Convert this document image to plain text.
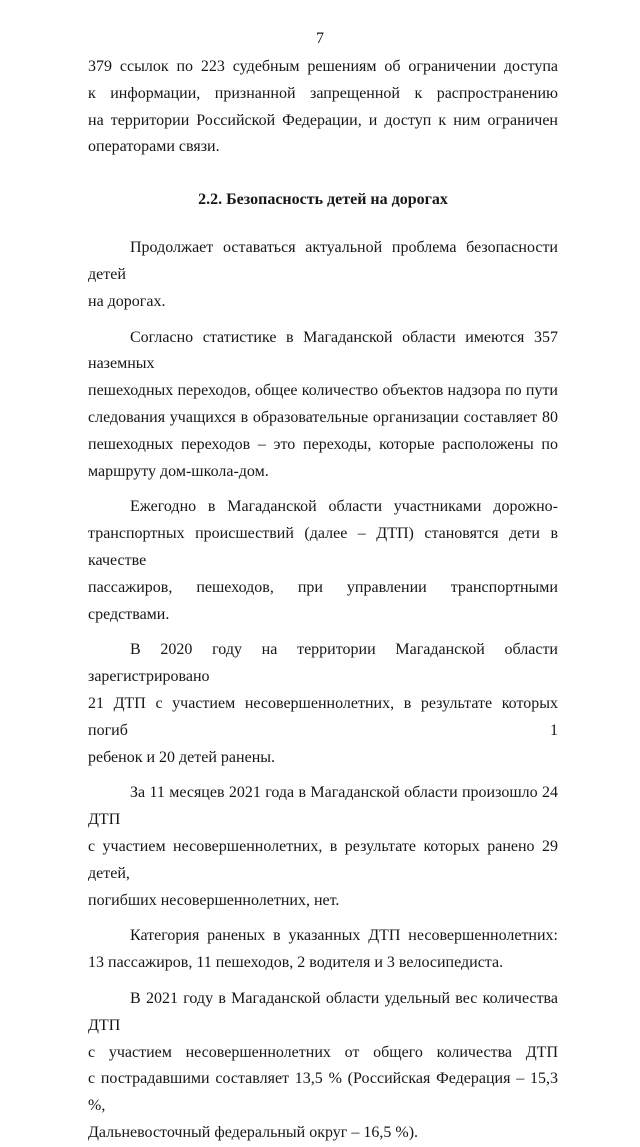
7

379 ссылок по 223 судебным решениям об ограничении доступа

к информации, признанной запрещенной к распространению

на территории Российской Федерации, и доступ к ним ограничен

операторами связи.

2.2. Безопасность детей на дорогах

Продолжает оставаться актуальной проблема безопасности детей

на дорогах.

Согласно статистике в Магаданской области имеются 357 наземных

пешеходных переходов, общее количество объектов надзора по пути

следования учащихся в образовательные организации составляет 80

пешеходных переходов – это переходы, которые расположены по

маршруту дом-школа-дом.

Ежегодно в Магаданской области участниками дорожно-

транспортных происшествий (далее – ДТП) становятся дети в качестве

пассажиров, пешеходов, при управлении транспортными средствами.

В 2020 году на территории Магаданской области зарегистрировано

21 ДТП с участием несовершеннолетних, в результате которых погиб 1

ребенок и 20 детей ранены.

За 11 месяцев 2021 года в Магаданской области произошло 24 ДТП

с участием несовершеннолетних, в результате которых ранено 29 детей,

погибших несовершеннолетних, нет.

Категория раненых в указанных ДТП несовершеннолетних:

13 пассажиров, 11 пешеходов, 2 водителя и 3 велосипедиста.

В 2021 году в Магаданской области удельный вес количества ДТП

с участием несовершеннолетних от общего количества ДТП

с пострадавшими составляет 13,5 % (Российская Федерация – 15,3 %,

Дальневосточный федеральный округ – 16,5 %).
